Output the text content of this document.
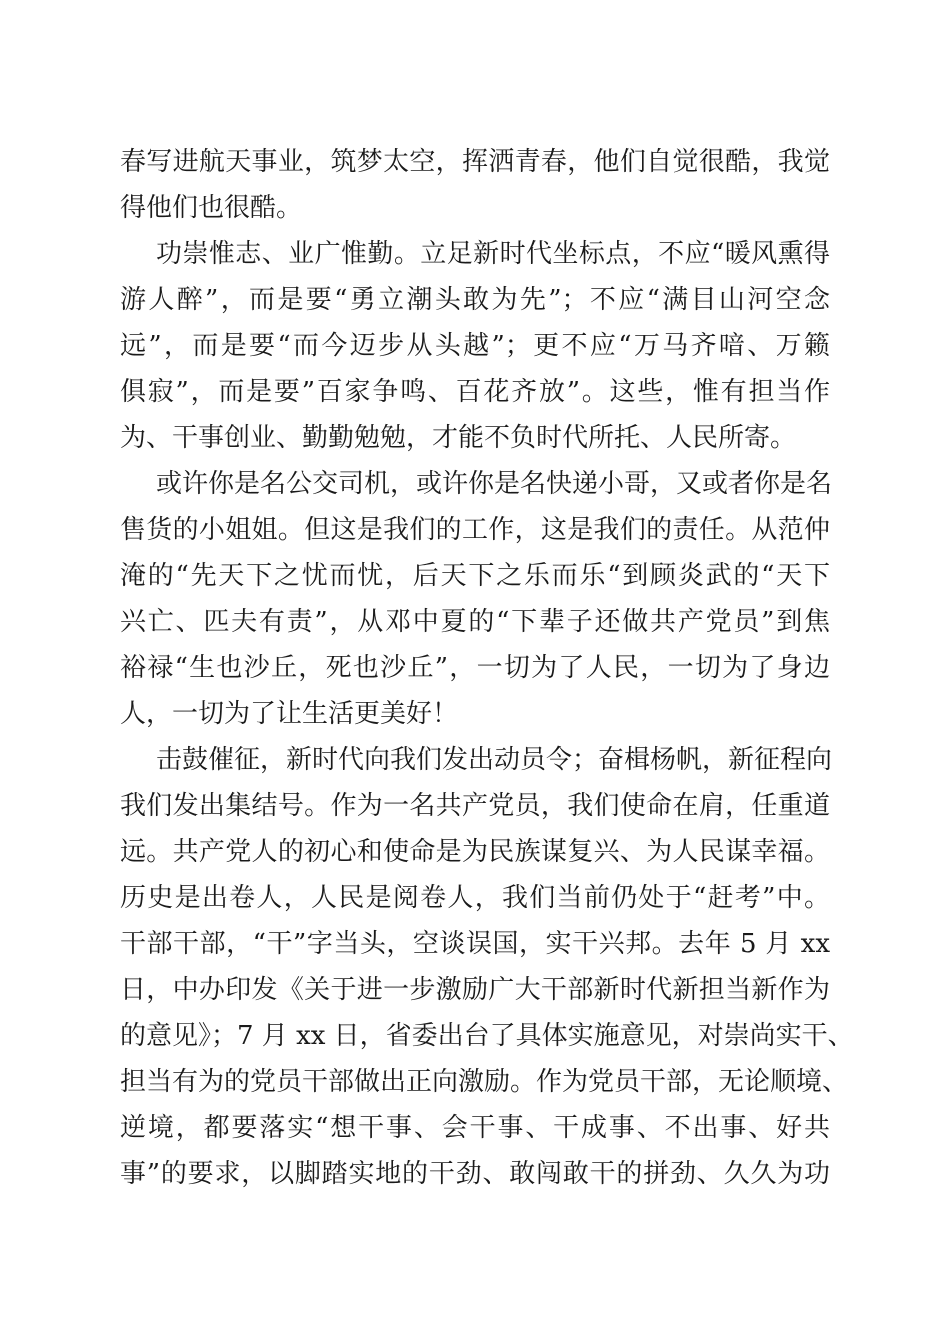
春写进航天事业，筑梦太空，挥洒青春，他们自觉很酷，我觉
得他们也很酷。
功崇惟志、业广惟勤。立足新时代坐标点，不应“暖风熏得
游人醉”，而是要“勇立潮头敢为先”；不应“满目山河空念
远”，而是要“而今迈步从头越”；更不应“万马齐喑、万籁
俱寂”，而是要”百家争鸣、百花齐放”。这些，惟有担当作
为、干事创业、勤勤勉勉，才能不负时代所托、人民所寄。
或许你是名公交司机，或许你是名快递小哥，又或者你是名
售货的小姐姐。但这是我们的工作，这是我们的责任。从范仲
淹的“先天下之忧而忧，后天下之乐而乐“到顾炎武的“天下
兴亡、匹夫有责”，从邓中夏的“下辈子还做共产党员”到焦
裕禄“生也沙丘，死也沙丘”，一切为了人民，一切为了身边
人，一切为了让生活更美好！
击鼓催征，新时代向我们发出动员令；奋楫杨帆，新征程向
我们发出集结号。作为一名共产党员，我们使命在肩，任重道
远。共产党人的初心和使命是为民族谋复兴、为人民谋幸福。
历史是出卷人，人民是阅卷人，我们当前仍处于“赶考”中。
干部干部，“干”字当头，空谈误国，实干兴邦。去年 5 月 xx
日，中办印发《关于进一步激励广大干部新时代新担当新作为
的意见》；7 月 xx 日，省委出台了具体实施意见，对崇尚实干、
担当有为的党员干部做出正向激励。作为党员干部，无论顺境、
逆境，都要落实“想干事、会干事、干成事、不出事、好共
事”的要求，以脚踏实地的干劲、敢闯敢干的拼劲、久久为功
